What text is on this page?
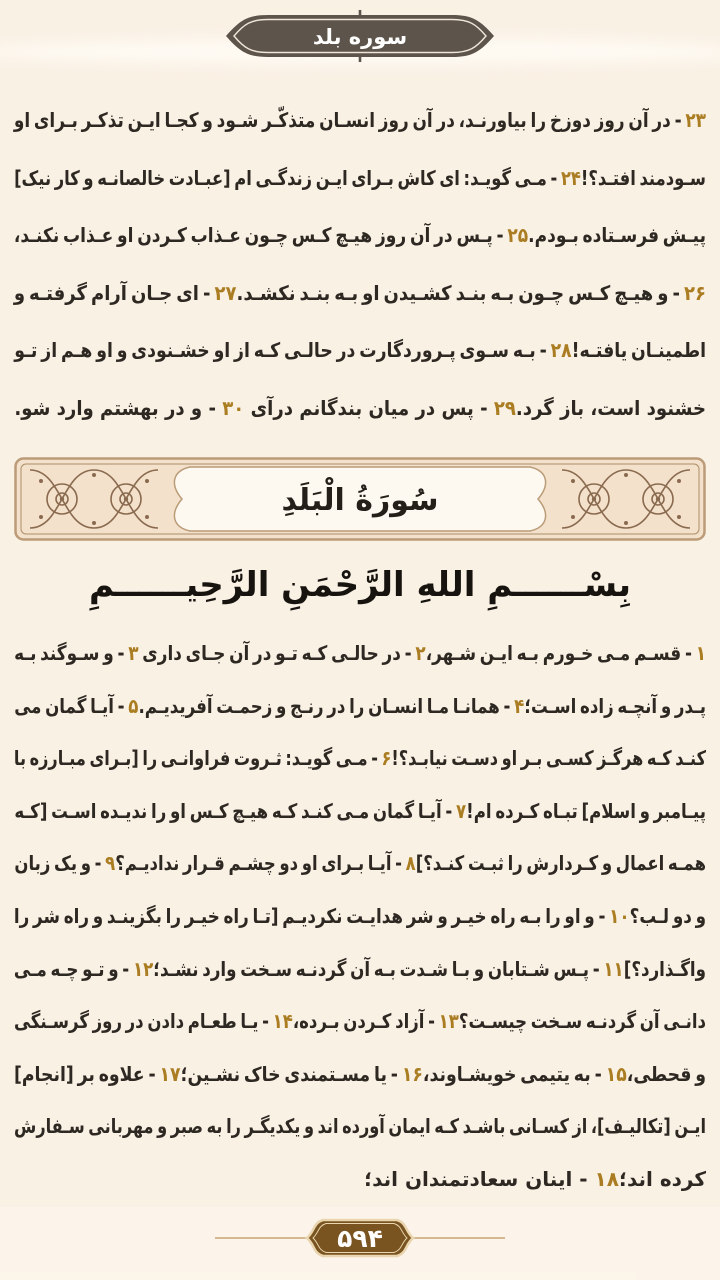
سوره بلد
۲۳ - در آن روز دوزخ را بیاورنـد، در آن روز انسـان متذکّـر شـود و کجـا ایـن تذکـر بـرای او
سـودمند افتـد؟!۲۴ - مـی گویـد: ای کاش بـرای ایـن زندگـی ام [عبـادت خالصانـه و کار نیک]
پیـش فرسـتاده بـودم.۲۵ - پـس در آن روز هیـچ کـس چـون عـذاب کـردن او عـذاب نکنـد،
۲۶ - و هیـچ کـس چـون بـه بنـد کشـیدن او بـه بنـد نکشـد.۲۷ - ای جـان آرام گرفتـه و
اطمینـان یافتـه!۲۸ - بـه سـوی پـروردگارت در حالـی کـه از او خشـنودی و او هـم از تـو
خشنود است، باز گرد.۲۹ - پس در میان بندگانم درآی ۳۰ - و در بهشتم وارد شو.
سُورَةُ الْبَلَدِ
بِسْــــــمِ اللهِ الرَّحْمَنِ الرَّحِيــــــمِ
۱ - قسـم مـی خـورم بـه ایـن شـهر،۲ - در حالـی کـه تـو در آن جـای داری ۳ - و سـوگند بـه
پـدر و آنچـه زاده اسـت؛۴ - همانـا مـا انسـان را در رنـج و زحمـت آفریدیـم.۵ - آیـا گمان می
کنـد کـه هرگـز کسـی بـر او دسـت نیابـد؟!۶ - مـی گویـد: ثـروت فراوانـی را [بـرای مبـارزه با
پیـامبر و اسلام] تبـاه کـرده ام!۷ - آیـا گمان مـی کنـد کـه هیـچ کـس او را ندیـده اسـت [کـه
همـه اعمال و کـردارش را ثبـت کنـد؟]۸ - آیـا بـرای او دو چشـم قـرار ندادیـم؟۹ - و یک زبان
و دو لـب؟۱۰ - و او را بـه راه خیـر و شر هدایـت نکردیـم [تـا راه خیـر را بگزینـد و راه شر را
واگـذارد؟]۱۱ - پـس شـتابان و بـا شـدت بـه آن گردنـه سـخت وارد نشـد؛۱۲ - و تـو چـه مـی
دانـی آن گردنـه سـخت چیسـت؟۱۳ - آزاد کـردن بـرده،۱۴ - یـا طعـام دادن در روز گرسـنگی
و قحطی،۱۵ - به یتیمی خویشـاوند،۱۶ - یا مسـتمندی خاک نشـین؛۱۷ - علاوه بر [انجام]
ایـن [تکالیـف]، از کسـانی باشـد کـه ایمان آورده اند و یکدیگـر را به صبر و مهربانی سـفارش
کرده اند؛۱۸ - اینان سعادتمندان اند؛
۵۹۴
